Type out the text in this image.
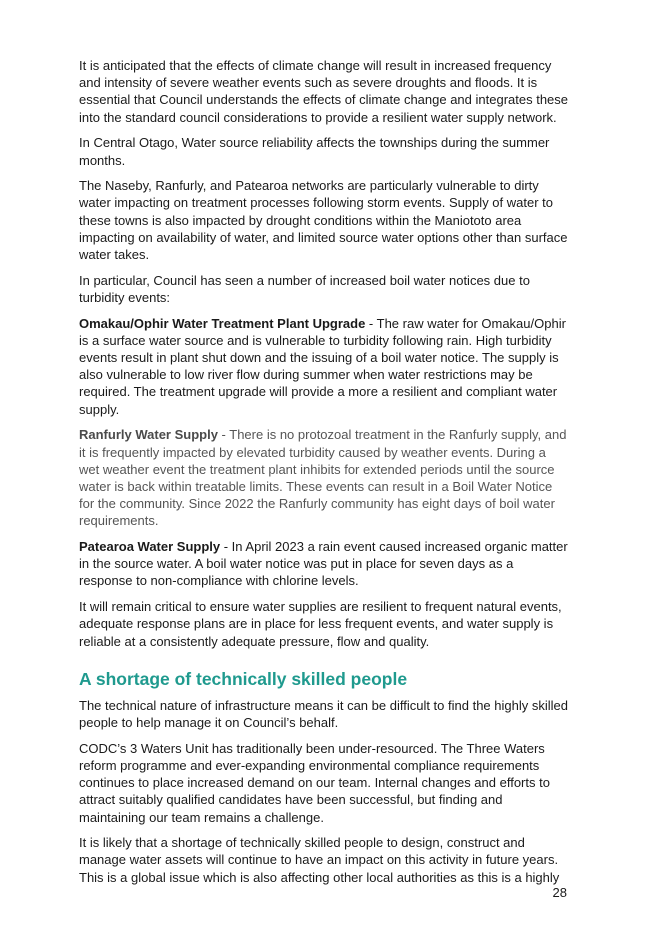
It is anticipated that the effects of climate change will result in increased frequency and intensity of severe weather events such as severe droughts and floods. It is essential that Council understands the effects of climate change and integrates these into the standard council considerations to provide a resilient water supply network.

In Central Otago, Water source reliability affects the townships during the summer months.

The Naseby, Ranfurly, and Patearoa networks are particularly vulnerable to dirty water impacting on treatment processes following storm events. Supply of water to these towns is also impacted by drought conditions within the Maniototo area impacting on availability of water, and limited source water options other than surface water takes.

In particular, Council has seen a number of increased boil water notices due to turbidity events:

Omakau/Ophir Water Treatment Plant Upgrade - The raw water for Omakau/Ophir is a surface water source and is vulnerable to turbidity following rain. High turbidity events result in plant shut down and the issuing of a boil water notice. The supply is also vulnerable to low river flow during summer when water restrictions may be required. The treatment upgrade will provide a more a resilient and compliant water supply.

Ranfurly Water Supply - There is no protozoal treatment in the Ranfurly supply, and it is frequently impacted by elevated turbidity caused by weather events. During a wet weather event the treatment plant inhibits for extended periods until the source water is back within treatable limits. These events can result in a Boil Water Notice for the community. Since 2022 the Ranfurly community has eight days of boil water requirements.

Patearoa Water Supply - In April 2023 a rain event caused increased organic matter in the source water. A boil water notice was put in place for seven days as a response to non-compliance with chlorine levels.

It will remain critical to ensure water supplies are resilient to frequent natural events, adequate response plans are in place for less frequent events, and water supply is reliable at a consistently adequate pressure, flow and quality.

A shortage of technically skilled people

The technical nature of infrastructure means it can be difficult to find the highly skilled people to help manage it on Council’s behalf.

CODC’s 3 Waters Unit has traditionally been under-resourced. The Three Waters reform programme and ever-expanding environmental compliance requirements continues to place increased demand on our team. Internal changes and efforts to attract suitably qualified candidates have been successful, but finding and maintaining our team remains a challenge.

It is likely that a shortage of technically skilled people to design, construct and manage water assets will continue to have an impact on this activity in future years. This is a global issue which is also affecting other local authorities as this is a highly

28
